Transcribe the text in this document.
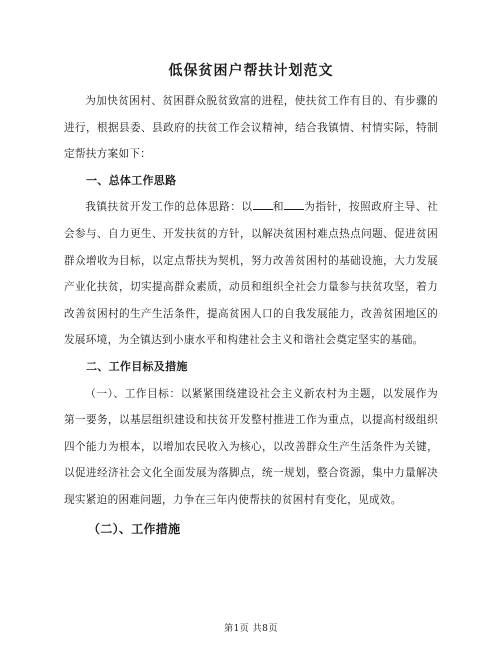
低保贫困户帮扶计划范文

为加快贫困村、贫困群众脱贫致富的进程，使扶贫工作有目的、有步骤的进行，根据县委、县政府的扶贫工作会议精神，结合我镇情、村情实际，特制定帮扶方案如下：

一、总体工作思路

我镇扶贫开发工作的总体思路：以 和 为指针，按照政府主导、社会参与、自力更生、开发扶贫的方针，以解决贫困村难点热点问题、促进贫困群众增收为目标，以定点帮扶为契机，努力改善贫困村的基础设施，大力发展产业化扶贫，切实提高群众素质，动员和组织全社会力量参与扶贫攻坚，着力改善贫困村的生产生活条件，提高贫困人口的自我发展能力，改善贫困地区的发展环境，为全镇达到小康水平和构建社会主义和谐社会奠定坚实的基础。

二、工作目标及措施

（一）、工作目标：以紧紧围绕建设社会主义新农村为主题，以发展作为第一要务，以基层组织建设和扶贫开发整村推进工作为重点，以提高村级组织四个能力为根本，以增加农民收入为核心，以改善群众生产生活条件为关键，以促进经济社会文化全面发展为落脚点，统一规划，整合资源，集中力量解决现实紧迫的困难问题，力争在三年内使帮扶的贫困村有变化，见成效。

（二）、工作措施

第1页 共8页
